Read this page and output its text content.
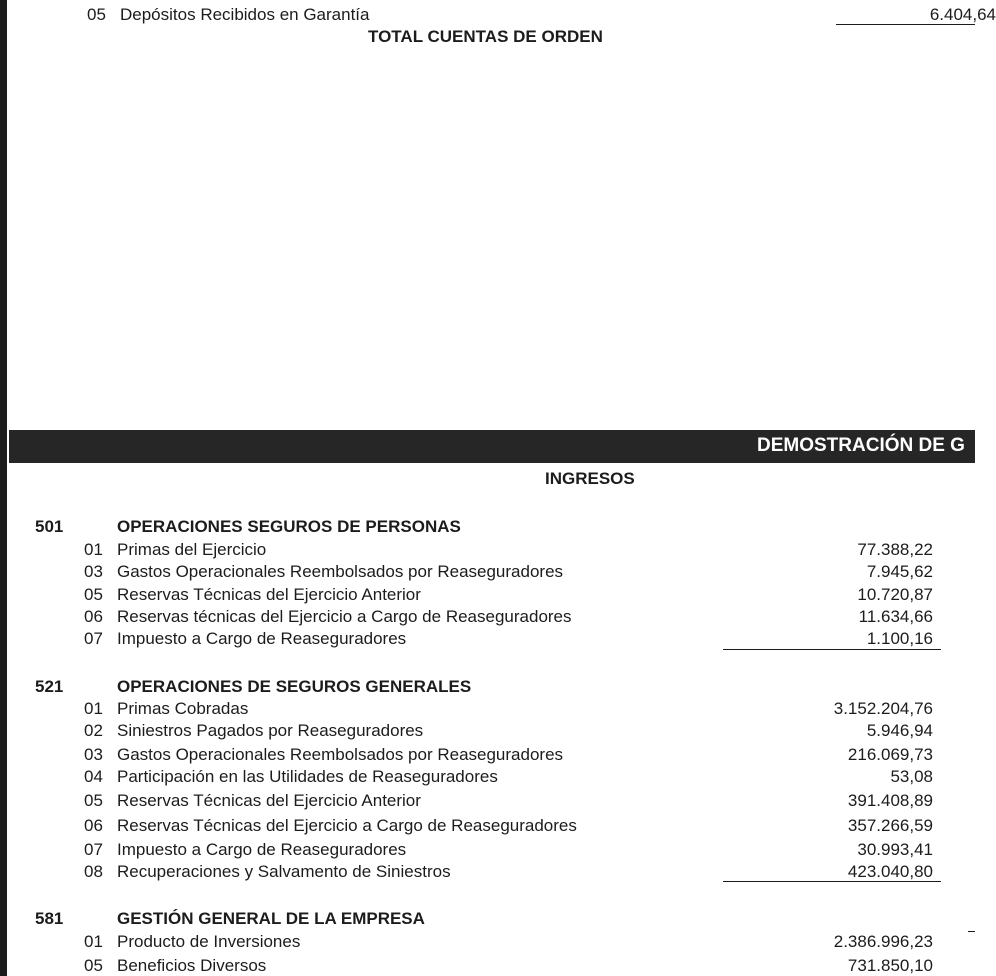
05 Depósitos Recibidos en Garantía	6.404,64
TOTAL CUENTAS DE ORDEN
DEMOSTRACIÓN DE G
INGRESOS
501	OPERACIONES SEGUROS DE PERSONAS
01 Primas del Ejercicio	77.388,22
03 Gastos Operacionales Reembolsados por Reaseguradores	7.945,62
05 Reservas Técnicas del Ejercicio Anterior	10.720,87
06 Reservas técnicas del Ejercicio a Cargo de Reaseguradores	11.634,66
07 Impuesto a Cargo de Reaseguradores	1.100,16
521	OPERACIONES DE SEGUROS GENERALES
01 Primas Cobradas	3.152.204,76
02 Siniestros Pagados por Reaseguradores	5.946,94
03 Gastos Operacionales Reembolsados por Reaseguradores	216.069,73
04 Participación en las Utilidades de Reaseguradores	53,08
05 Reservas Técnicas del Ejercicio Anterior	391.408,89
06 Reservas Técnicas del Ejercicio a Cargo de Reaseguradores	357.266,59
07 Impuesto a Cargo de Reaseguradores	30.993,41
08 Recuperaciones y Salvamento de Siniestros	423.040,80
581	GESTIÓN GENERAL DE LA EMPRESA
01 Producto de Inversiones	2.386.996,23
05 Beneficios Diversos	731.850,10
